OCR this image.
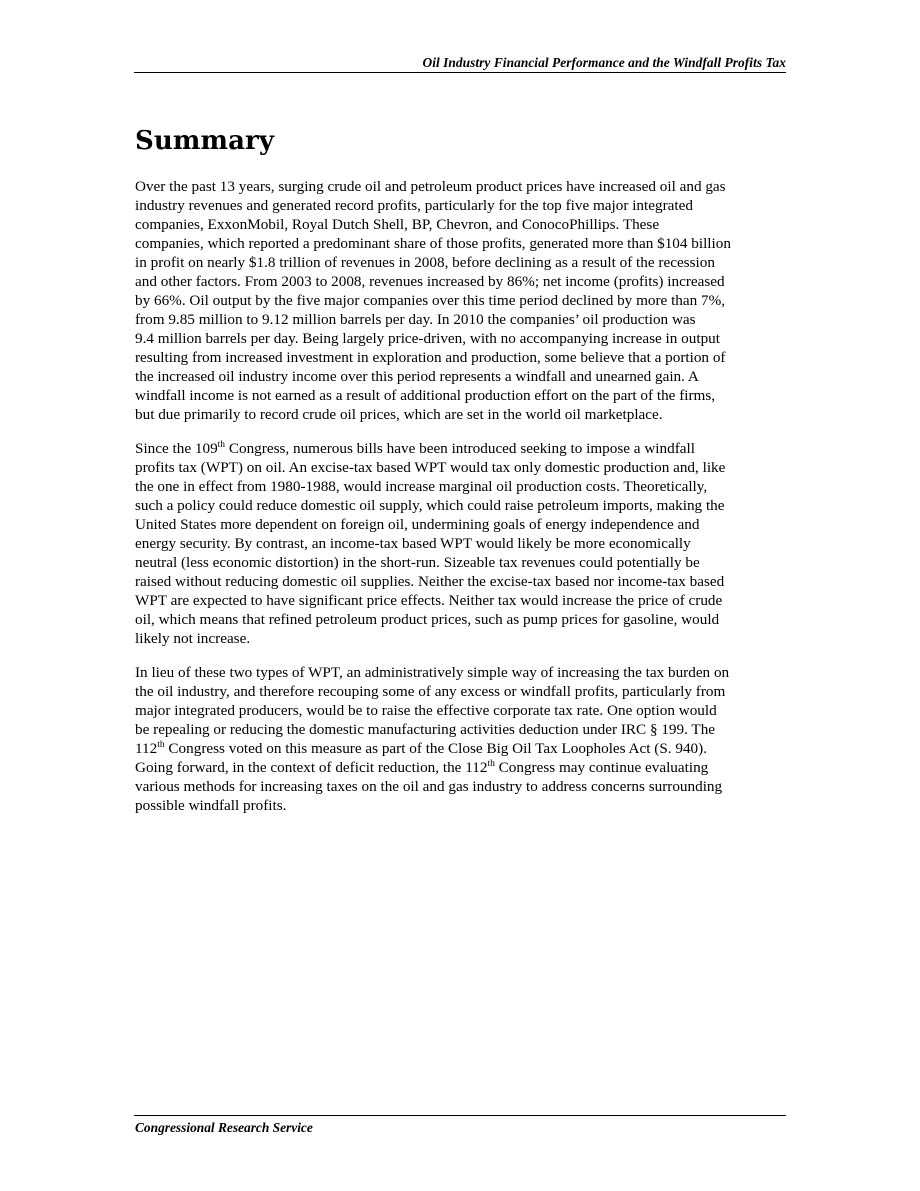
Oil Industry Financial Performance and the Windfall Profits Tax
Summary

Over the past 13 years, surging crude oil and petroleum product prices have increased oil and gas
industry revenues and generated record profits, particularly for the top five major integrated
companies, ExxonMobil, Royal Dutch Shell, BP, Chevron, and ConocoPhillips. These
companies, which reported a predominant share of those profits, generated more than $104 billion
in profit on nearly $1.8 trillion of revenues in 2008, before declining as a result of the recession
and other factors. From 2003 to 2008, revenues increased by 86%; net income (profits) increased
by 66%. Oil output by the five major companies over this time period declined by more than 7%,
from 9.85 million to 9.12 million barrels per day. In 2010 the companies’ oil production was
9.4 million barrels per day. Being largely price-driven, with no accompanying increase in output
resulting from increased investment in exploration and production, some believe that a portion of
the increased oil industry income over this period represents a windfall and unearned gain. A
windfall income is not earned as a result of additional production effort on the part of the firms,
but due primarily to record crude oil prices, which are set in the world oil marketplace.

Since the 109th Congress, numerous bills have been introduced seeking to impose a windfall
profits tax (WPT) on oil. An excise-tax based WPT would tax only domestic production and, like
the one in effect from 1980-1988, would increase marginal oil production costs. Theoretically,
such a policy could reduce domestic oil supply, which could raise petroleum imports, making the
United States more dependent on foreign oil, undermining goals of energy independence and
energy security. By contrast, an income-tax based WPT would likely be more economically
neutral (less economic distortion) in the short-run. Sizeable tax revenues could potentially be
raised without reducing domestic oil supplies. Neither the excise-tax based nor income-tax based
WPT are expected to have significant price effects. Neither tax would increase the price of crude
oil, which means that refined petroleum product prices, such as pump prices for gasoline, would
likely not increase.

In lieu of these two types of WPT, an administratively simple way of increasing the tax burden on
the oil industry, and therefore recouping some of any excess or windfall profits, particularly from
major integrated producers, would be to raise the effective corporate tax rate. One option would
be repealing or reducing the domestic manufacturing activities deduction under IRC § 199. The
112th Congress voted on this measure as part of the Close Big Oil Tax Loopholes Act (S. 940).
Going forward, in the context of deficit reduction, the 112th Congress may continue evaluating
various methods for increasing taxes on the oil and gas industry to address concerns surrounding
possible windfall profits.

Congressional Research Service
